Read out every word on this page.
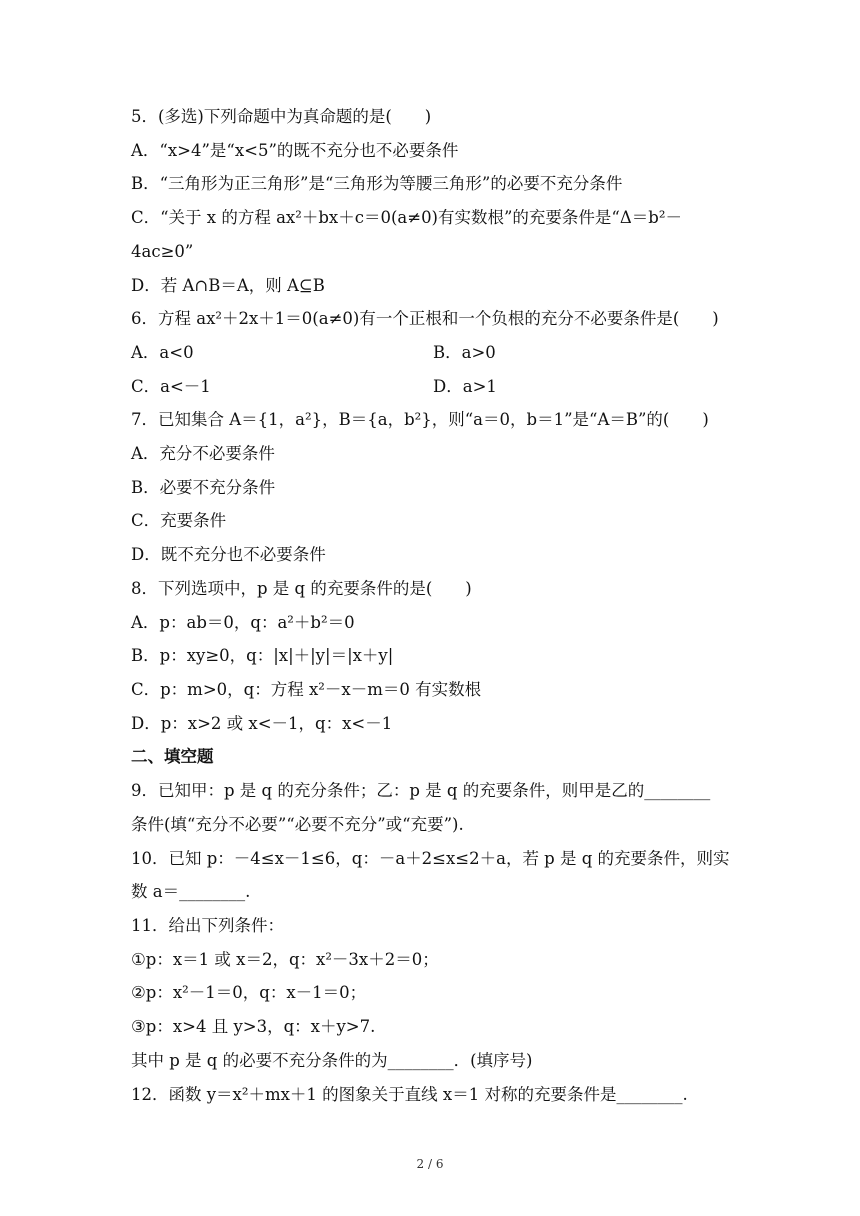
5．(多选)下列命题中为真命题的是(　　)
A．“x>4”是“x<5”的既不充分也不必要条件
B．“三角形为正三角形”是“三角形为等腰三角形”的必要不充分条件
C．“关于 x 的方程 ax²＋bx＋c＝0(a≠0)有实数根”的充要条件是“Δ＝b²－
4ac≥0”
D．若 A∩B＝A，则 A⊆B
6．方程 ax²＋2x＋1＝0(a≠0)有一个正根和一个负根的充分不必要条件是(　　)
A．a<0	B．a>0
C．a<－1	D．a>1
7．已知集合 A＝{1，a²}，B＝{a，b²}，则“a＝0，b＝1”是“A＝B”的(　　)
A．充分不必要条件
B．必要不充分条件
C．充要条件
D．既不充分也不必要条件
8．下列选项中，p 是 q 的充要条件的是(　　)
A．p：ab＝0，q：a²＋b²＝0
B．p：xy≥0，q：|x|＋|y|＝|x＋y|
C．p：m>0，q：方程 x²－x－m＝0 有实数根
D．p：x>2 或 x<－1，q：x<－1
二、填空题
9．已知甲：p 是 q 的充分条件；乙：p 是 q 的充要条件，则甲是乙的________
条件(填“充分不必要”“必要不充分”或“充要”).
10．已知 p：－4≤x－1≤6，q：－a＋2≤x≤2＋a，若 p 是 q 的充要条件，则实
数 a＝________.
11．给出下列条件：
①p：x＝1 或 x＝2，q：x²－3x＋2＝0；
②p：x²－1＝0，q：x－1＝0；
③p：x>4 且 y>3，q：x＋y>7.
其中 p 是 q 的必要不充分条件的为________．(填序号)
12．函数 y＝x²＋mx＋1 的图象关于直线 x＝1 对称的充要条件是________.
2 / 6
